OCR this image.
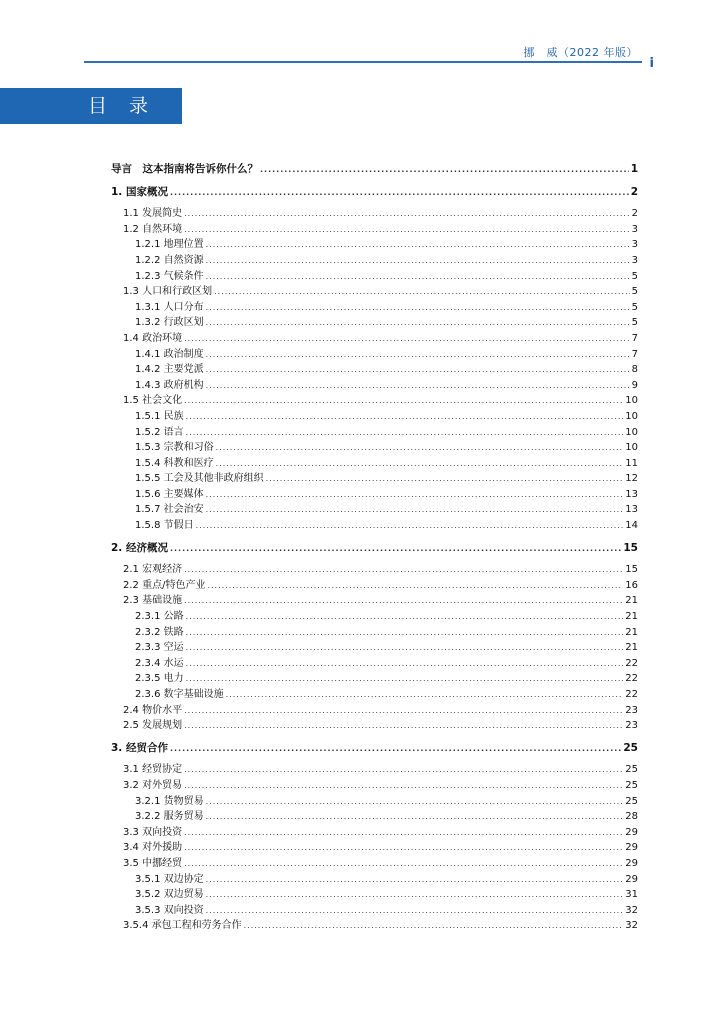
挪　威（2022 年版）
i
目录
导言　这本指南将告诉你什么？ .....	1
1. 国家概况 .....	2
1.1 发展简史 .....	2
1.2 自然环境 .....	3
1.2.1 地理位置 .....	3
1.2.2 自然资源 .....	3
1.2.3 气候条件 .....	5
1.3 人口和行政区划 .....	5
1.3.1 人口分布 .....	5
1.3.2 行政区划 .....	5
1.4 政治环境 .....	7
1.4.1 政治制度 .....	7
1.4.2 主要党派 .....	8
1.4.3 政府机构 .....	9
1.5 社会文化 .....	10
1.5.1 民族 .....	10
1.5.2 语言 .....	10
1.5.3 宗教和习俗 .....	10
1.5.4 科教和医疗 .....	11
1.5.5 工会及其他非政府组织 .....	12
1.5.6 主要媒体 .....	13
1.5.7 社会治安 .....	13
1.5.8 节假日 .....	14
2. 经济概况 .....	15
2.1 宏观经济 .....	15
2.2 重点/特色产业 .....	16
2.3 基础设施 .....	21
2.3.1 公路 .....	21
2.3.2 铁路 .....	21
2.3.3 空运 .....	21
2.3.4 水运 .....	22
2.3.5 电力 .....	22
2.3.6 数字基础设施 .....	22
2.4 物价水平 .....	23
2.5 发展规划 .....	23
3. 经贸合作 .....	25
3.1 经贸协定 .....	25
3.2 对外贸易 .....	25
3.2.1 货物贸易 .....	25
3.2.2 服务贸易 .....	28
3.3 双向投资 .....	29
3.4 对外援助 .....	29
3.5 中挪经贸 .....	29
3.5.1 双边协定 .....	29
3.5.2 双边贸易 .....	31
3.5.3 双向投资 .....	32
3.5.4 承包工程和劳务合作 .....	32
